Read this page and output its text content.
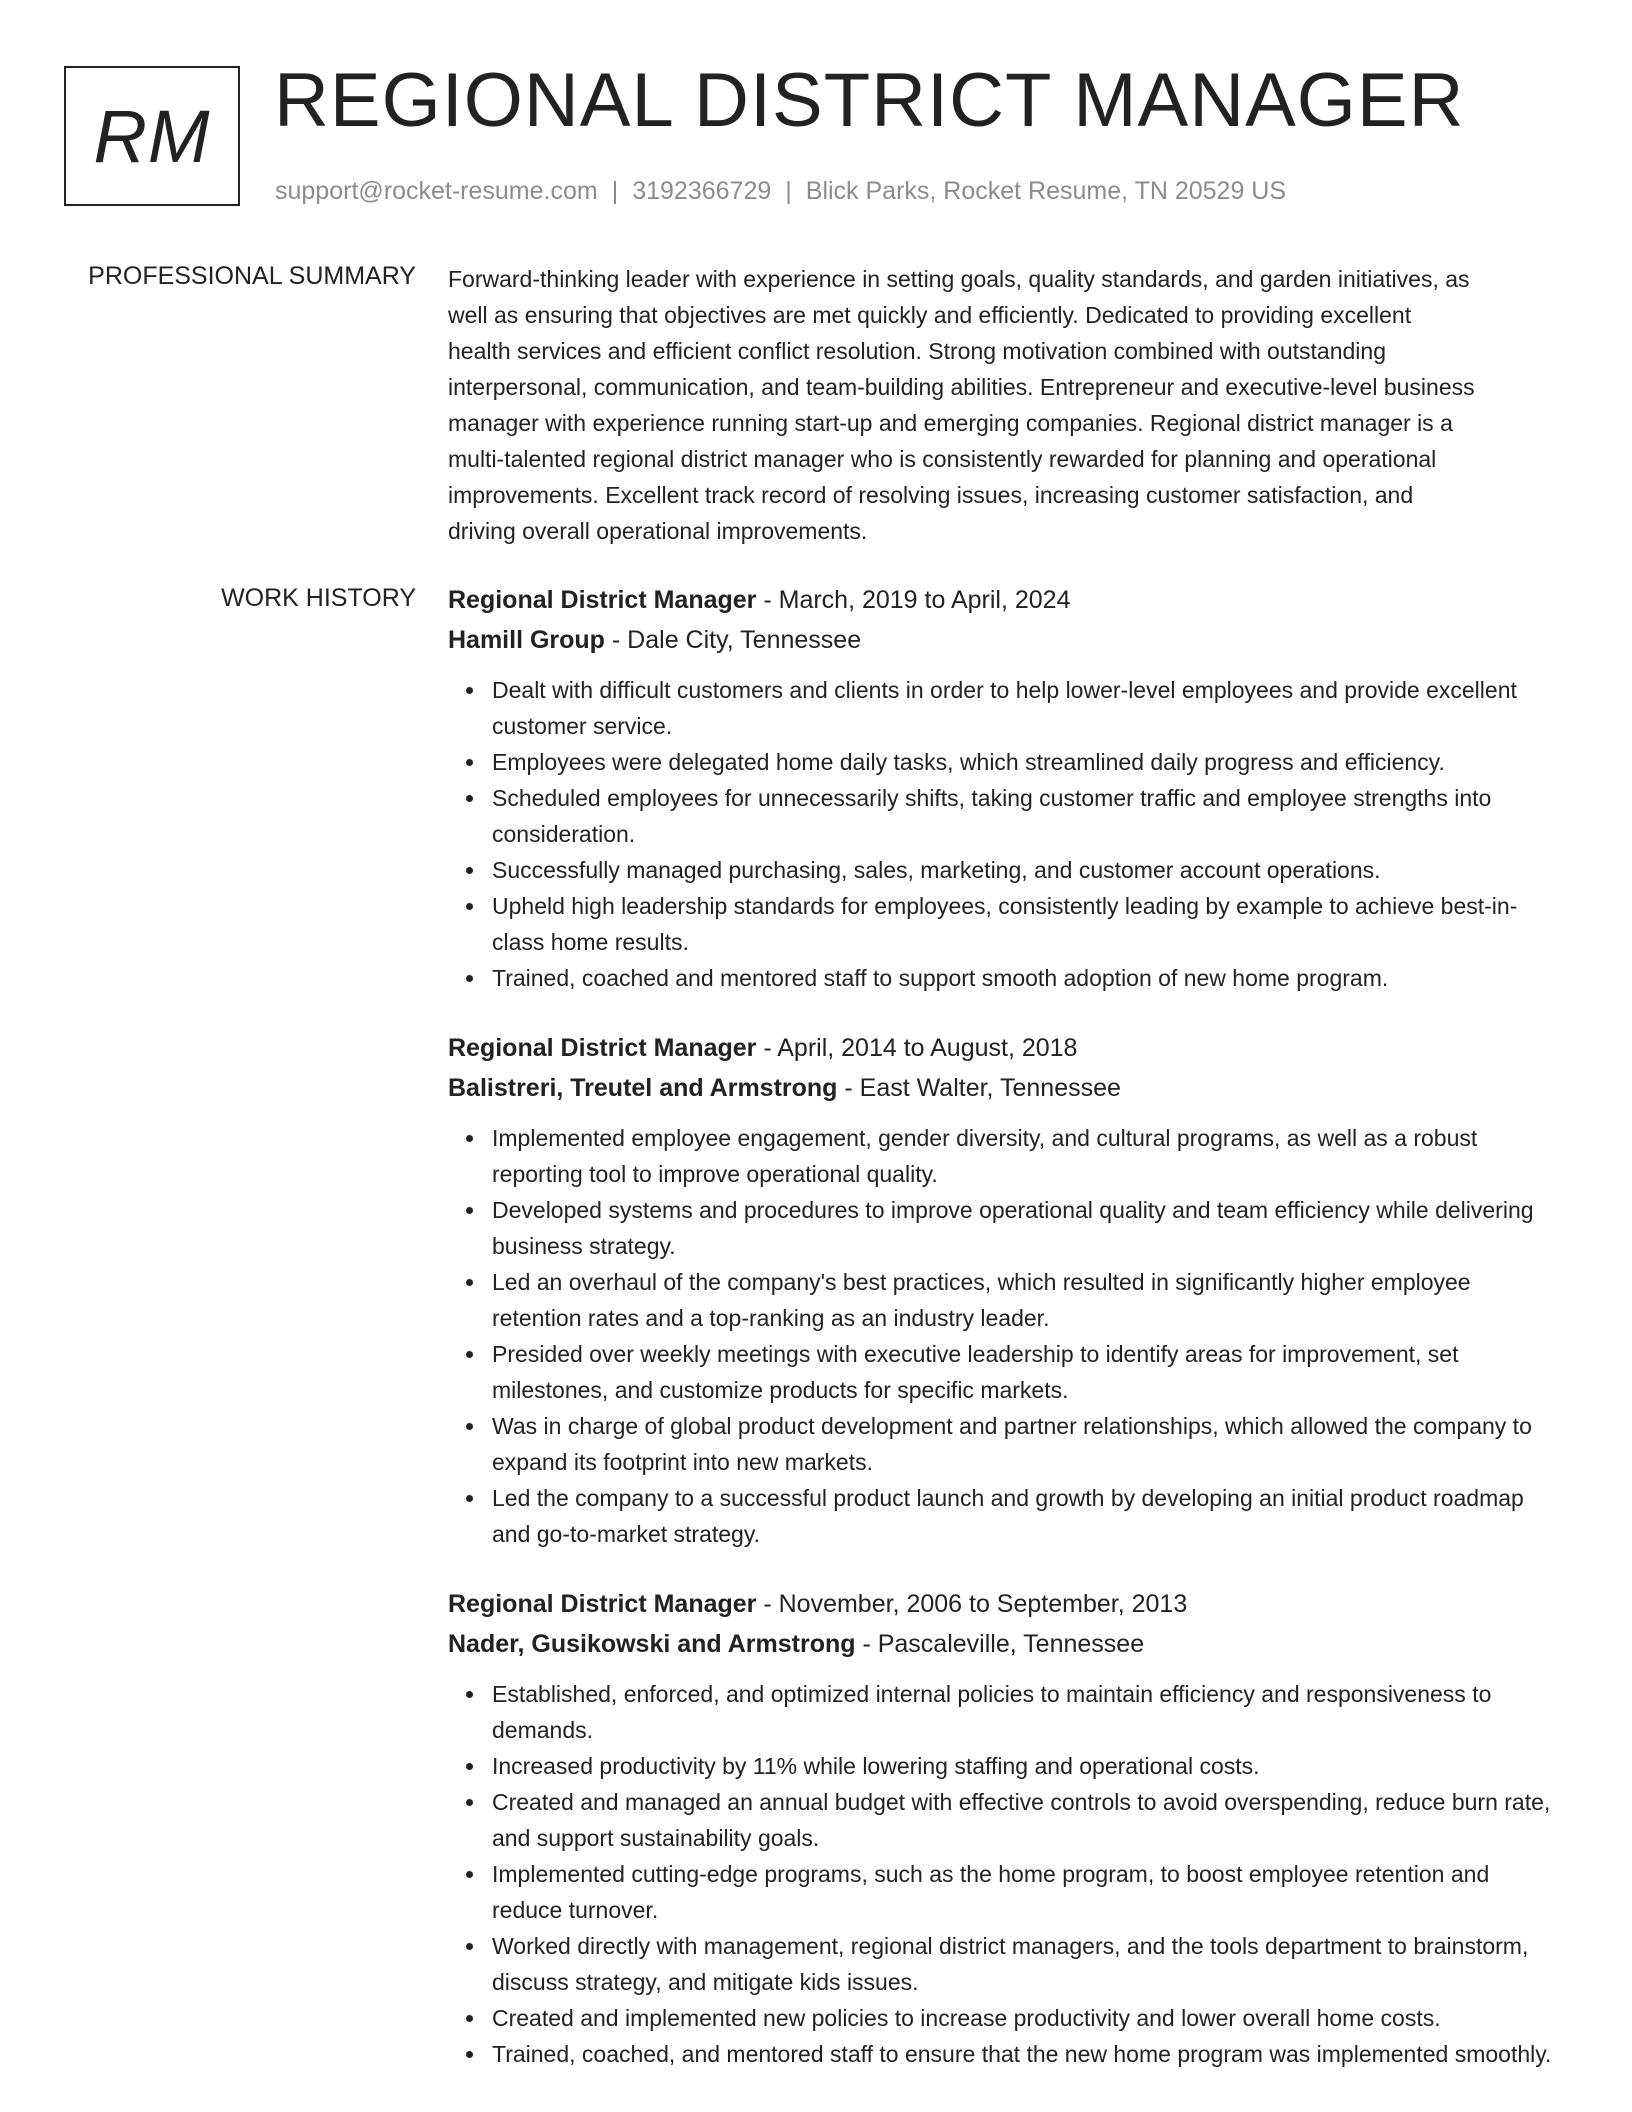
RM REGIONAL DISTRICT MANAGER
support@rocket-resume.com | 3192366729 | Blick Parks, Rocket Resume, TN 20529 US
PROFESSIONAL SUMMARY Forward-thinking leader with experience in setting goals, quality standards, and garden initiatives, as
well as ensuring that objectives are met quickly and efficiently. Dedicated to providing excellent
health services and efficient conflict resolution. Strong motivation combined with outstanding
interpersonal, communication, and team-building abilities. Entrepreneur and executive-level business
manager with experience running start-up and emerging companies. Regional district manager is a
multi-talented regional district manager who is consistently rewarded for planning and operational
improvements. Excellent track record of resolving issues, increasing customer satisfaction, and
driving overall operational improvements.
WORK HISTORY Regional District Manager - March, 2019 to April, 2024
Hamill Group - Dale City, Tennessee
Dealt with difficult customers and clients in order to help lower-level employees and provide excellent customer service.
Employees were delegated home daily tasks, which streamlined daily progress and efficiency.
Scheduled employees for unnecessarily shifts, taking customer traffic and employee strengths into consideration.
Successfully managed purchasing, sales, marketing, and customer account operations.
Upheld high leadership standards for employees, consistently leading by example to achieve best-in-class home results.
Trained, coached and mentored staff to support smooth adoption of new home program.
Regional District Manager - April, 2014 to August, 2018
Balistreri, Treutel and Armstrong - East Walter, Tennessee
Implemented employee engagement, gender diversity, and cultural programs, as well as a robust reporting tool to improve operational quality.
Developed systems and procedures to improve operational quality and team efficiency while delivering business strategy.
Led an overhaul of the company's best practices, which resulted in significantly higher employee retention rates and a top-ranking as an industry leader.
Presided over weekly meetings with executive leadership to identify areas for improvement, set milestones, and customize products for specific markets.
Was in charge of global product development and partner relationships, which allowed the company to expand its footprint into new markets.
Led the company to a successful product launch and growth by developing an initial product roadmap and go-to-market strategy.
Regional District Manager - November, 2006 to September, 2013
Nader, Gusikowski and Armstrong - Pascaleville, Tennessee
Established, enforced, and optimized internal policies to maintain efficiency and responsiveness to demands.
Increased productivity by 11% while lowering staffing and operational costs.
Created and managed an annual budget with effective controls to avoid overspending, reduce burn rate, and support sustainability goals.
Implemented cutting-edge programs, such as the home program, to boost employee retention and reduce turnover.
Worked directly with management, regional district managers, and the tools department to brainstorm, discuss strategy, and mitigate kids issues.
Created and implemented new policies to increase productivity and lower overall home costs.
Trained, coached, and mentored staff to ensure that the new home program was implemented smoothly.
